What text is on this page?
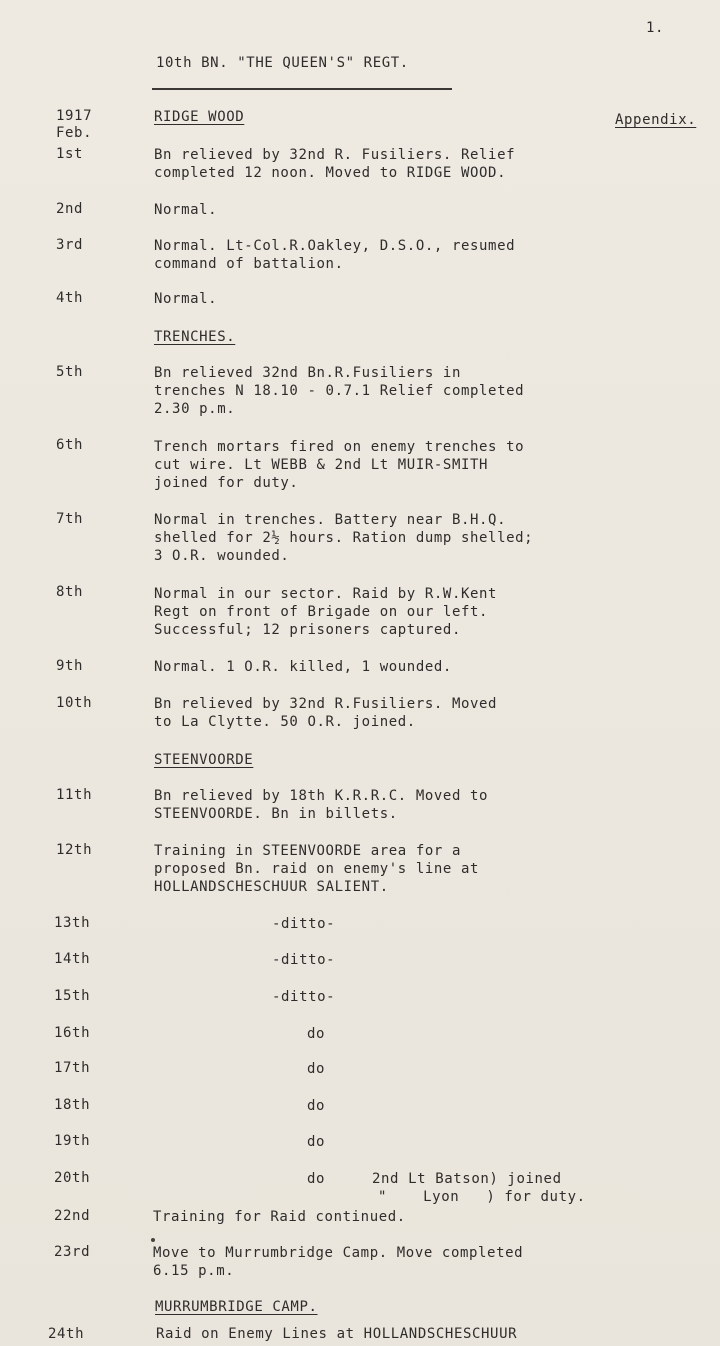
1.
10th BN. "THE QUEEN'S" REGT.
1917
Feb.
RIDGE WOOD	Appendix.
1st	Bn relieved by 32nd R. Fusiliers. Relief
completed 12 noon. Moved to RIDGE WOOD.
2nd	Normal.
3rd	Normal. Lt-Col.R.Oakley, D.S.O., resumed
command of battalion.
4th	Normal.
TRENCHES.
5th	Bn relieved 32nd Bn.R.Fusiliers in
trenches N 18.10 - 0.7.1 Relief completed
2.30 p.m.
6th	Trench mortars fired on enemy trenches to
cut wire. Lt WEBB & 2nd Lt MUIR-SMITH
joined for duty.
7th	Normal in trenches. Battery near B.H.Q.
shelled for 2½ hours. Ration dump shelled;
3 O.R. wounded.
8th	Normal in our sector. Raid by R.W.Kent
Regt on front of Brigade on our left.
Successful; 12 prisoners captured.
9th	Normal. 1 O.R. killed, 1 wounded.
10th	Bn relieved by 32nd R.Fusiliers. Moved
to La Clytte. 50 O.R. joined.
STEENVOORDE
11th	Bn relieved by 18th K.R.R.C. Moved to
STEENVOORDE. Bn in billets.
12th	Training in STEENVOORDE area for a
proposed Bn. raid on enemy's line at
HOLLANDSCHESCHUUR SALIENT.
13th	-ditto-
14th	-ditto-
15th	-ditto-
16th	do
17th	do
18th	do
19th	do
20th	do	2nd Lt Batson) joined
"    Lyon   ) for duty.
22nd	Training for Raid continued.
23rd	Move to Murrumbridge Camp. Move completed
6.15 p.m.
MURRUMBRIDGE CAMP.
24th	Raid on Enemy Lines at HOLLANDSCHESCHUUR
